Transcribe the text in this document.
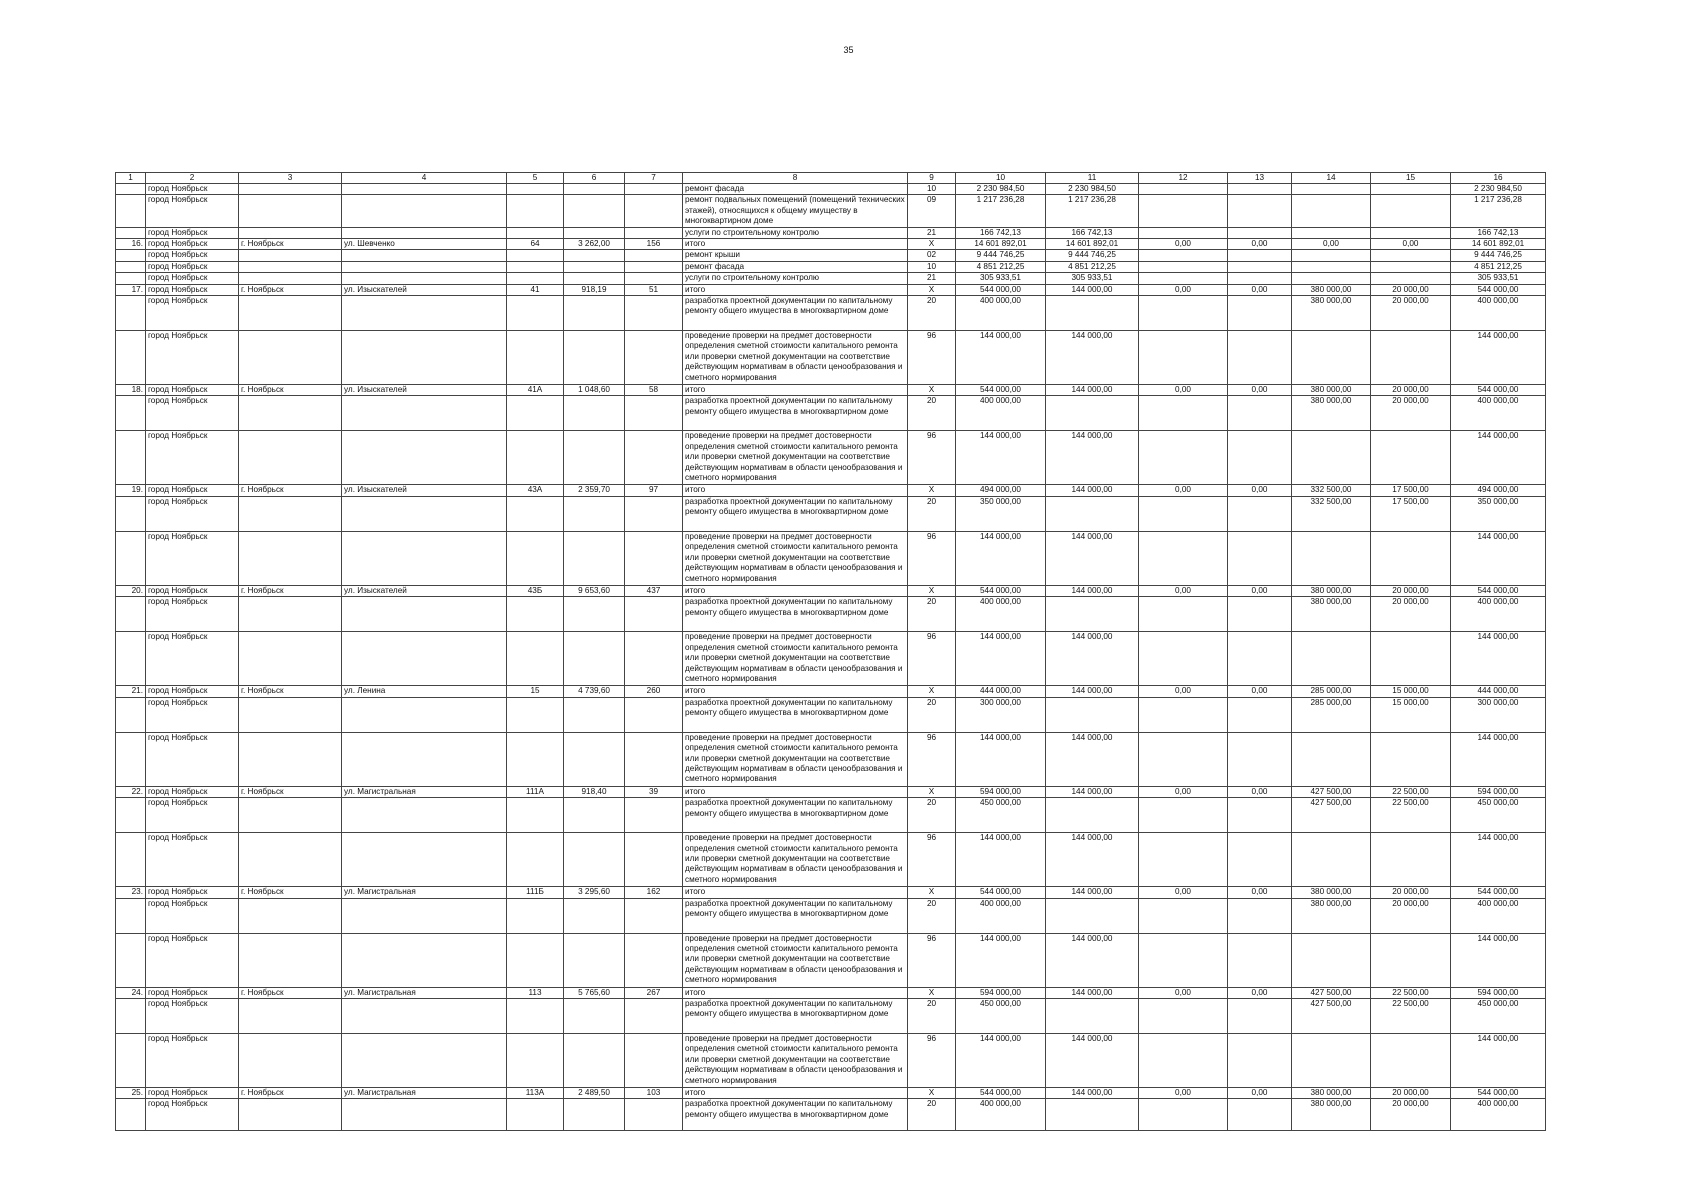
35
1	2	3	4	5	6	7	8	9	10	11	12	13	14	15	16
	город Ноябрьск						ремонт фасада	10	2 230 984,50	2 230 984,50					2 230 984,50
	город Ноябрьск						ремонт подвальных помещений (помещений технических этажей), относящихся к общему имуществу в многоквартирном доме	09	1 217 236,28	1 217 236,28					1 217 236,28
	город Ноябрьск						услуги по строительному контролю	21	166 742,13	166 742,13					166 742,13
16.	город Ноябрьск	г. Ноябрьск	ул. Шевченко	64	3 262,00	156	итого	X	14 601 892,01	14 601 892,01	0,00	0,00	0,00	0,00	14 601 892,01
	город Ноябрьск						ремонт крыши	02	9 444 746,25	9 444 746,25					9 444 746,25
	город Ноябрьск						ремонт фасада	10	4 851 212,25	4 851 212,25					4 851 212,25
	город Ноябрьск						услуги по строительному контролю	21	305 933,51	305 933,51					305 933,51
17.	город Ноябрьск	г. Ноябрьск	ул. Изыскателей	41	918,19	51	итого	X	544 000,00	144 000,00	0,00	0,00	380 000,00	20 000,00	544 000,00
	город Ноябрьск						разработка проектной документации по капитальному ремонту общего имущества в многоквартирном доме	20	400 000,00				380 000,00	20 000,00	400 000,00
	город Ноябрьск						проведение проверки на предмет достоверности определения сметной стоимости капитального ремонта или проверки сметной документации на соответствие действующим нормативам в области ценообразования и сметного нормирования	96	144 000,00	144 000,00					144 000,00
18.	город Ноябрьск	г. Ноябрьск	ул. Изыскателей	41А	1 048,60	58	итого	X	544 000,00	144 000,00	0,00	0,00	380 000,00	20 000,00	544 000,00
	город Ноябрьск						разработка проектной документации по капитальному ремонту общего имущества в многоквартирном доме	20	400 000,00				380 000,00	20 000,00	400 000,00
	город Ноябрьск						проведение проверки на предмет достоверности определения сметной стоимости капитального ремонта или проверки сметной документации на соответствие действующим нормативам в области ценообразования и сметного нормирования	96	144 000,00	144 000,00					144 000,00
19.	город Ноябрьск	г. Ноябрьск	ул. Изыскателей	43А	2 359,70	97	итого	X	494 000,00	144 000,00	0,00	0,00	332 500,00	17 500,00	494 000,00
	город Ноябрьск						разработка проектной документации по капитальному ремонту общего имущества в многоквартирном доме	20	350 000,00				332 500,00	17 500,00	350 000,00
	город Ноябрьск						проведение проверки на предмет достоверности определения сметной стоимости капитального ремонта или проверки сметной документации на соответствие действующим нормативам в области ценообразования и сметного нормирования	96	144 000,00	144 000,00					144 000,00
20.	город Ноябрьск	г. Ноябрьск	ул. Изыскателей	43Б	9 653,60	437	итого	X	544 000,00	144 000,00	0,00	0,00	380 000,00	20 000,00	544 000,00
	город Ноябрьск						разработка проектной документации по капитальному ремонту общего имущества в многоквартирном доме	20	400 000,00				380 000,00	20 000,00	400 000,00
	город Ноябрьск						проведение проверки на предмет достоверности определения сметной стоимости капитального ремонта или проверки сметной документации на соответствие действующим нормативам в области ценообразования и сметного нормирования	96	144 000,00	144 000,00					144 000,00
21.	город Ноябрьск	г. Ноябрьск	ул. Ленина	15	4 739,60	260	итого	X	444 000,00	144 000,00	0,00	0,00	285 000,00	15 000,00	444 000,00
	город Ноябрьск						разработка проектной документации по капитальному ремонту общего имущества в многоквартирном доме	20	300 000,00				285 000,00	15 000,00	300 000,00
	город Ноябрьск						проведение проверки на предмет достоверности определения сметной стоимости капитального ремонта или проверки сметной документации на соответствие действующим нормативам в области ценообразования и сметного нормирования	96	144 000,00	144 000,00					144 000,00
22.	город Ноябрьск	г. Ноябрьск	ул. Магистральная	111А	918,40	39	итого	X	594 000,00	144 000,00	0,00	0,00	427 500,00	22 500,00	594 000,00
	город Ноябрьск						разработка проектной документации по капитальному ремонту общего имущества в многоквартирном доме	20	450 000,00				427 500,00	22 500,00	450 000,00
	город Ноябрьск						проведение проверки на предмет достоверности определения сметной стоимости капитального ремонта или проверки сметной документации на соответствие действующим нормативам в области ценообразования и сметного нормирования	96	144 000,00	144 000,00					144 000,00
23.	город Ноябрьск	г. Ноябрьск	ул. Магистральная	111Б	3 295,60	162	итого	X	544 000,00	144 000,00	0,00	0,00	380 000,00	20 000,00	544 000,00
	город Ноябрьск						разработка проектной документации по капитальному ремонту общего имущества в многоквартирном доме	20	400 000,00				380 000,00	20 000,00	400 000,00
	город Ноябрьск						проведение проверки на предмет достоверности определения сметной стоимости капитального ремонта или проверки сметной документации на соответствие действующим нормативам в области ценообразования и сметного нормирования	96	144 000,00	144 000,00					144 000,00
24.	город Ноябрьск	г. Ноябрьск	ул. Магистральная	113	5 765,60	267	итого	X	594 000,00	144 000,00	0,00	0,00	427 500,00	22 500,00	594 000,00
	город Ноябрьск						разработка проектной документации по капитальному ремонту общего имущества в многоквартирном доме	20	450 000,00				427 500,00	22 500,00	450 000,00
	город Ноябрьск						проведение проверки на предмет достоверности определения сметной стоимости капитального ремонта или проверки сметной документации на соответствие действующим нормативам в области ценообразования и сметного нормирования	96	144 000,00	144 000,00					144 000,00
25.	город Ноябрьск	г. Ноябрьск	ул. Магистральная	113А	2 489,50	103	итого	X	544 000,00	144 000,00	0,00	0,00	380 000,00	20 000,00	544 000,00
	город Ноябрьск						разработка проектной документации по капитальному ремонту общего имущества в многоквартирном доме	20	400 000,00				380 000,00	20 000,00	400 000,00
